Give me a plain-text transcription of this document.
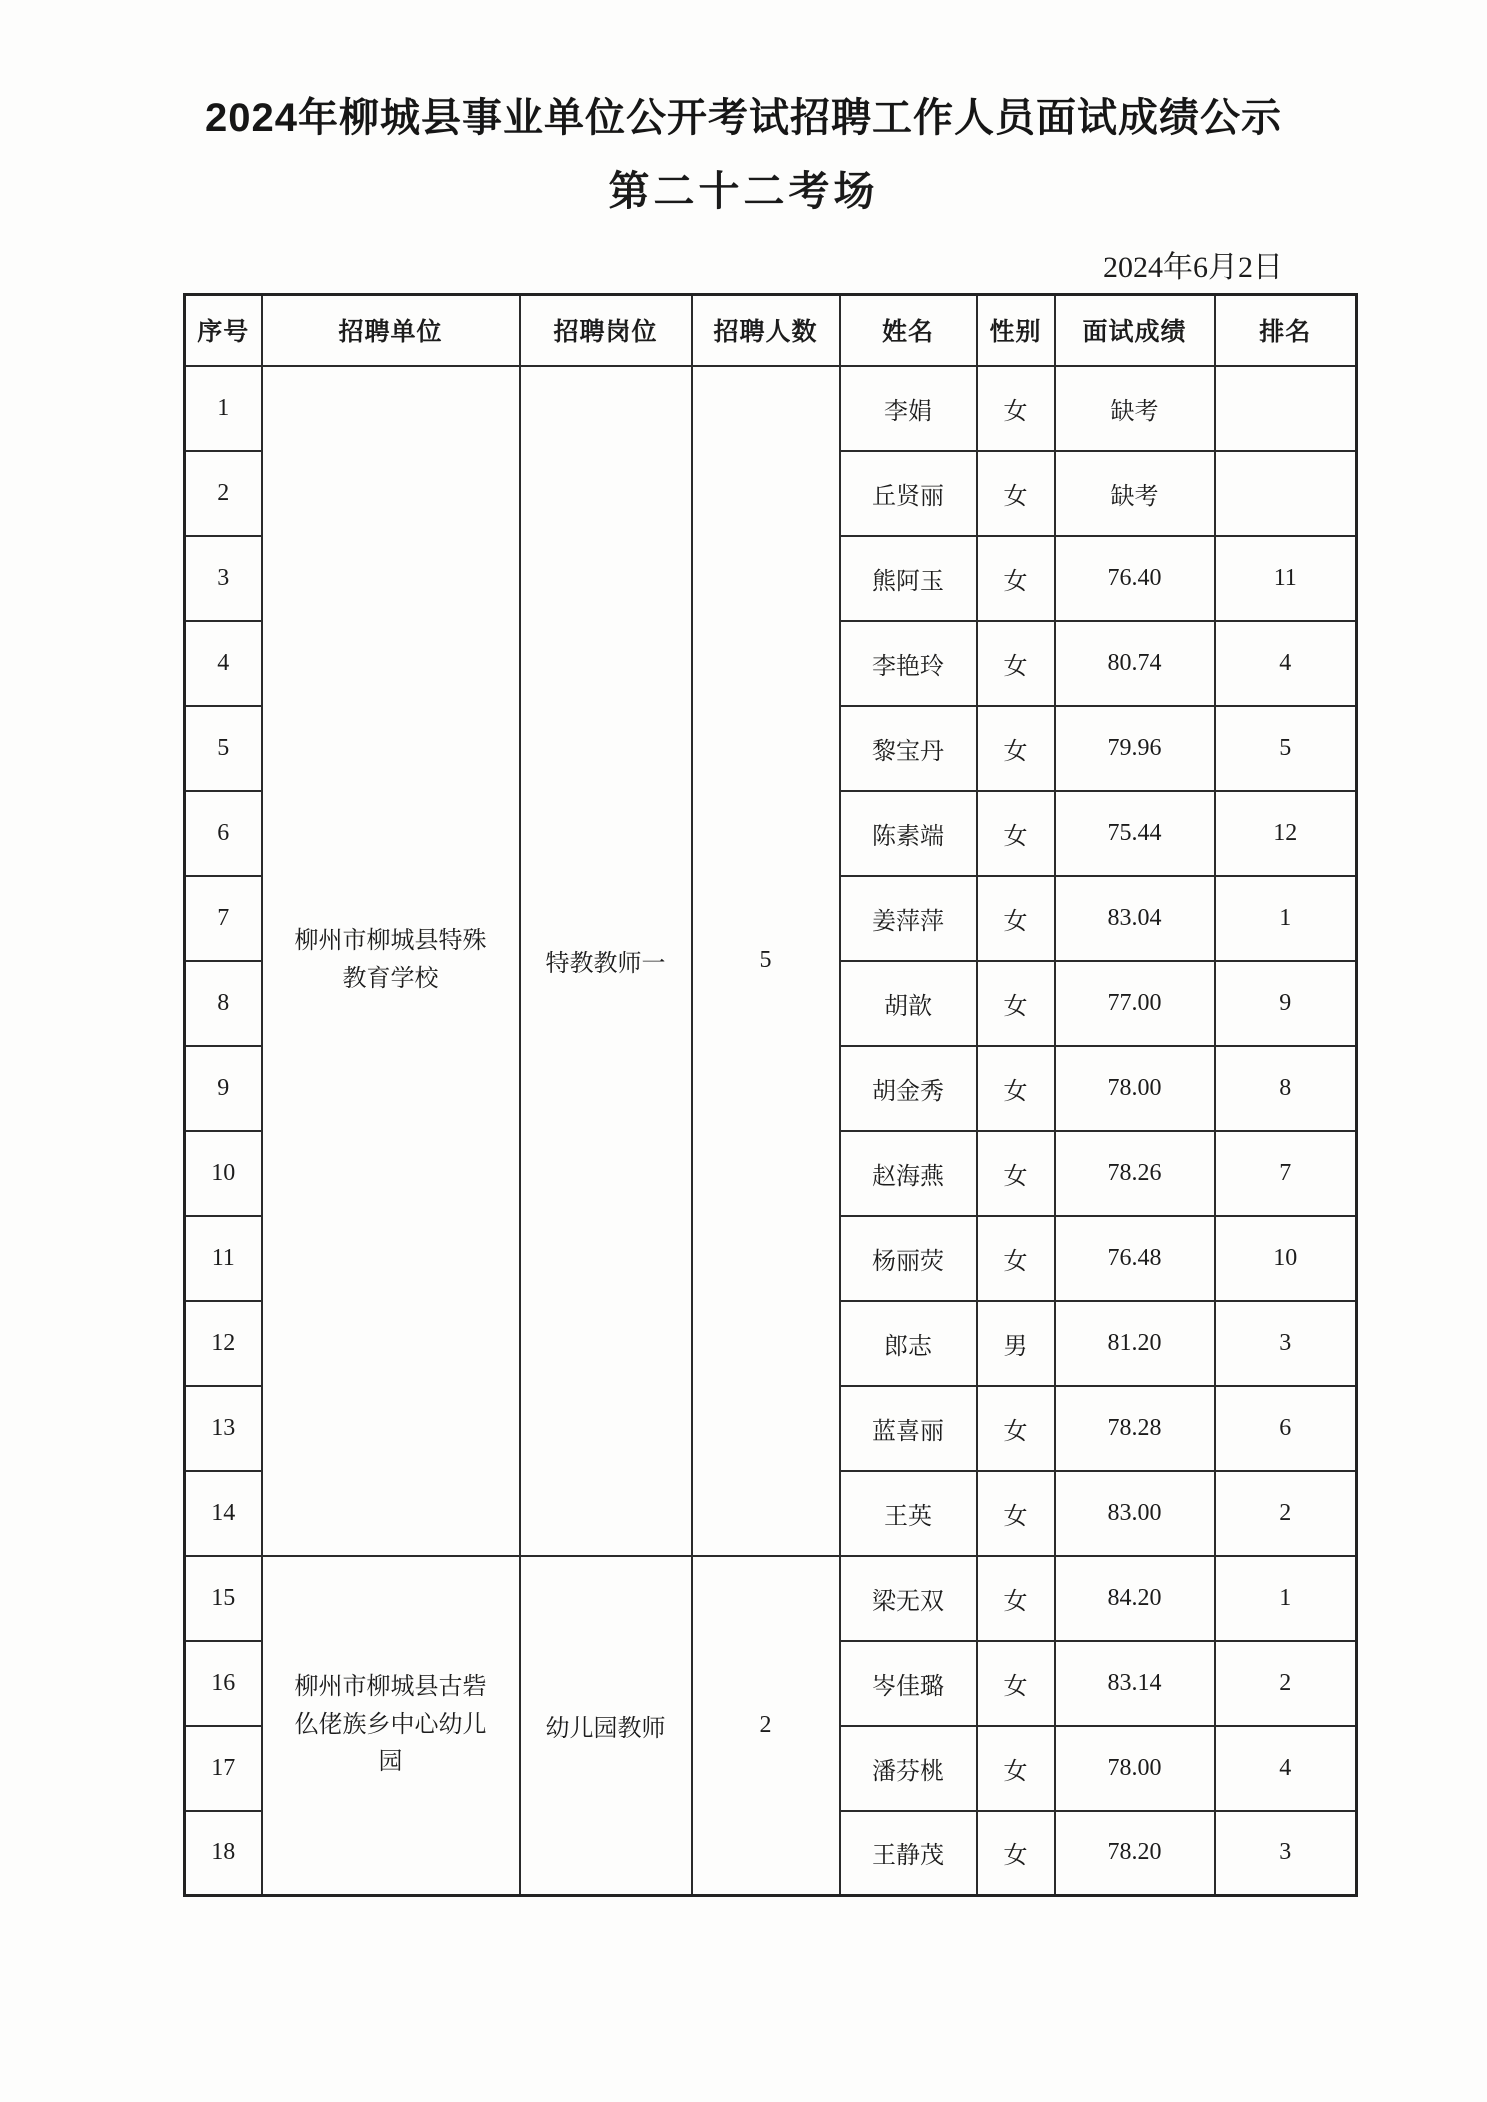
2024年柳城县事业单位公开考试招聘工作人员面试成绩公示
第二十二考场
2024年6月2日
序号	招聘单位	招聘岗位	招聘人数	姓名	性别	面试成绩	排名
1	柳州市柳城县特殊教育学校	特教教师一	5	李娟	女	缺考	
2				丘贤丽	女	缺考	
3				熊阿玉	女	76.40	11
4				李艳玲	女	80.74	4
5				黎宝丹	女	79.96	5
6				陈素端	女	75.44	12
7				姜萍萍	女	83.04	1
8				胡歆	女	77.00	9
9				胡金秀	女	78.00	8
10				赵海燕	女	78.26	7
11				杨丽荧	女	76.48	10
12				郎志	男	81.20	3
13				蓝喜丽	女	78.28	6
14				王英	女	83.00	2
15	柳州市柳城县古砦仫佬族乡中心幼儿园	幼儿园教师	2	梁无双	女	84.20	1
16				岑佳璐	女	83.14	2
17				潘芬桃	女	78.00	4
18				王静茂	女	78.20	3
